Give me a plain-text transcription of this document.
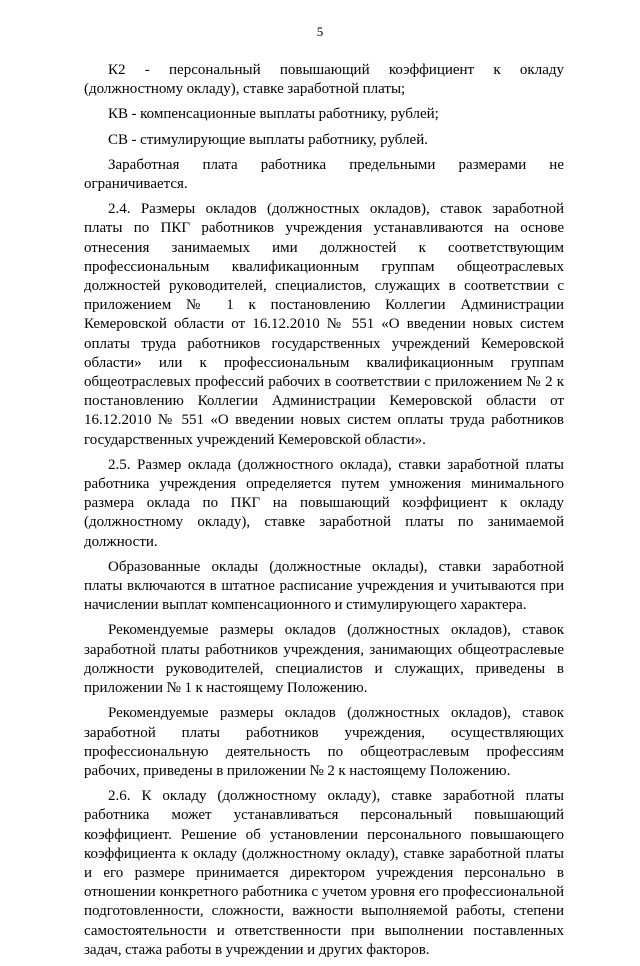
5

К2 - персональный повышающий коэффициент к окладу (должностному окладу), ставке заработной платы;

КВ - компенсационные выплаты работнику, рублей;

СВ - стимулирующие выплаты работнику, рублей.

Заработная плата работника предельными размерами не ограничивается.

2.4. Размеры окладов (должностных окладов), ставок заработной платы по ПКГ работников учреждения устанавливаются на основе отнесения занимаемых ими должностей к соответствующим профессиональным квалификационным группам общеотраслевых должностей руководителей, специалистов, служащих в соответствии с приложением № 1 к постановлению Коллегии Администрации Кемеровской области от 16.12.2010 № 551 «О введении новых систем оплаты труда работников государственных учреждений Кемеровской области» или к профессиональным квалификационным группам общеотраслевых профессий рабочих в соответствии с приложением № 2 к постановлению Коллегии Администрации Кемеровской области от 16.12.2010 № 551 «О введении новых систем оплаты труда работников государственных учреждений Кемеровской области».

2.5. Размер оклада (должностного оклада), ставки заработной платы работника учреждения определяется путем умножения минимального размера оклада по ПКГ на повышающий коэффициент к окладу (должностному окладу), ставке заработной платы по занимаемой должности.

Образованные оклады (должностные оклады), ставки заработной платы включаются в штатное расписание учреждения и учитываются при начислении выплат компенсационного и стимулирующего характера.

Рекомендуемые размеры окладов (должностных окладов), ставок заработной платы работников учреждения, занимающих общеотраслевые должности руководителей, специалистов и служащих, приведены в приложении № 1 к настоящему Положению.

Рекомендуемые размеры окладов (должностных окладов), ставок заработной платы работников учреждения, осуществляющих профессиональную деятельность по общеотраслевым профессиям рабочих, приведены в приложении № 2 к настоящему Положению.

2.6. К окладу (должностному окладу), ставке заработной платы работника может устанавливаться персональный повышающий коэффициент. Решение об установлении персонального повышающего коэффициента к окладу (должностному окладу), ставке заработной платы и его размере принимается директором учреждения персонально в отношении конкретного работника с учетом уровня его профессиональной подготовленности, сложности, важности выполняемой работы, степени самостоятельности и ответственности при выполнении поставленных задач, стажа работы в учреждении и других факторов.
